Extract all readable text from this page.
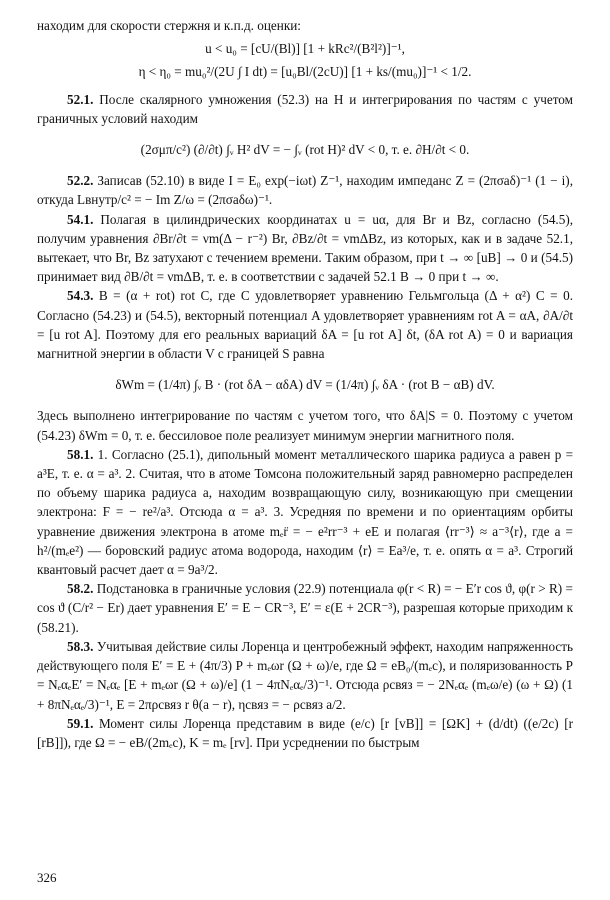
находим для скорости стержня и к.п.д. оценки:

u < u₀ = [cU/(Bl)] [1 + kRc²/(B²l²)]⁻¹,
η < η₀ = mu₀²/(2U ∫ I dt) = [u₀Bl/(2cU)] [1 + ks/(mu₀)]⁻¹ < 1/2.

52.1. После скалярного умножения (52.3) на H и интегрирования по частям с учетом граничных условий находим

(2σμπ/c²) (∂/∂t) ∫ᵥ H² dV = − ∫ᵥ (rot H)² dV < 0, т. е. ∂H/∂t < 0.

52.2. Записав (52.10) в виде I = E₀ exp(−iωt) Z⁻¹, находим импеданс Z = (2πσaδ)⁻¹ (1 − i), откуда Lвнутр/c² = − Im Z/ω = (2πσaδω)⁻¹.

54.1. Полагая в цилиндрических координатах u = uα, для Br и Bz, согласно (54.5), получим уравнения ∂Br/∂t = νm(Δ − r⁻²) Br, ∂Bz/∂t = νmΔBz, из которых, как и в задаче 52.1, вытекает, что Br, Bz затухают с течением времени. Таким образом, при t → ∞ [uB] → 0 и (54.5) принимает вид ∂B/∂t = νmΔB, т. е. в соответствии с задачей 52.1 B → 0 при t → ∞.

54.3. B = (α + rot) rot C, где C удовлетворяет уравнению Гельмгольца (Δ + α²) C = 0. Согласно (54.23) и (54.5), векторный потенциал A удовлетворяет уравнениям rot A = αA, ∂A/∂t = [u rot A]. Поэтому для его реальных вариаций δA = [u rot A] δt, (δA rot A) = 0 и вариация магнитной энергии в области V с границей S равна

δWm = (1/4π) ∫ᵥ B · (rot δA − αδA) dV = (1/4π) ∫ᵥ δA · (rot B − αB) dV.

Здесь выполнено интегрирование по частям с учетом того, что δA|S = 0. Поэтому с учетом (54.23) δWm = 0, т. е. бессиловое поле реализует минимум энергии магнитного поля.

58.1. 1. Согласно (25.1), дипольный момент металлического шарика радиуса a равен p = a³E, т. е. α = a³. 2. Считая, что в атоме Томсона положительный заряд равномерно распределен по объему шарика радиуса a, находим возвращающую силу, возникающую при смещении электрона: F = − re²/a³. Отсюда α = a³. 3. Усредняя по времени и по ориентациям орбиты уравнение движения электрона в атоме mₑr̈ = − e²rr⁻³ + eE и полагая ⟨rr⁻³⟩ ≈ a⁻³⟨r⟩, где a = h²/(mₑe²) — боровский радиус атома водорода, находим ⟨r⟩ = Ea³/e, т. е. опять α = a³. Строгий квантовый расчет дает α = 9a³/2.

58.2. Подстановка в граничные условия (22.9) потенциала φ(r < R) = − E′r cos ϑ, φ(r > R) = cos ϑ (C/r² − Er) дает уравнения E′ = E − CR⁻³, E′ = ε(E + 2CR⁻³), разрешая которые приходим к (58.21).

58.3. Учитывая действие силы Лоренца и центробежный эффект, находим напряженность действующего поля E′ = E + (4π/3) P + mₑωr (Ω + ω)/e, где Ω = eB₀/(mₑc), и поляризованность P = NₑαₑE′ = Nₑαₑ [E + mₑωr (Ω + ω)/e] (1 − 4πNₑαₑ/3)⁻¹. Отсюда ρсвяз = − 2Nₑαₑ (mₑω/e) (ω + Ω) (1 + 8πNₑαₑ/3)⁻¹, E = 2πρсвяз r θ(a − r), ηсвяз = − ρсвяз a/2.

59.1. Момент силы Лоренца представим в виде (e/c) [r [vB]] = [ΩK] + (d/dt) ((e/2c) [r [rB]]), где Ω = − eB/(2mₑc), K = mₑ [rv]. При усреднении по быстрым

326
